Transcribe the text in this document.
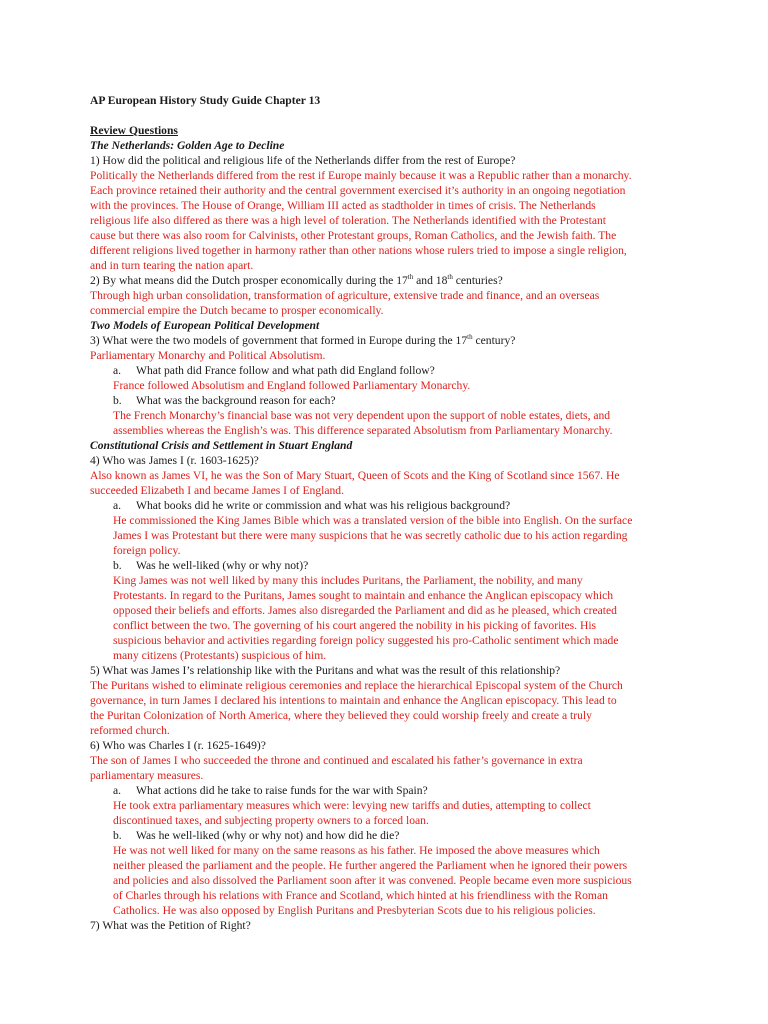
AP European History Study Guide Chapter 13
Review Questions
The Netherlands: Golden Age to Decline
1) How did the political and religious life of the Netherlands differ from the rest of Europe?
Politically the Netherlands differed from the rest if Europe mainly because it was a Republic rather than a monarchy.
Each province retained their authority and the central government exercised it’s authority in an ongoing negotiation
with the provinces. The House of Orange, William III acted as stadtholder in times of crisis. The Netherlands
religious life also differed as there was a high level of toleration. The Netherlands identified with the Protestant
cause but there was also room for Calvinists, other Protestant groups, Roman Catholics, and the Jewish faith. The
different religions lived together in harmony rather than other nations whose rulers tried to impose a single religion,
and in turn tearing the nation apart.
2) By what means did the Dutch prosper economically during the 17th and 18th centuries?
Through high urban consolidation, transformation of agriculture, extensive trade and finance, and an overseas
commercial empire the Dutch became to prosper economically.
Two Models of European Political Development
3) What were the two models of government that formed in Europe during the 17th century?
Parliamentary Monarchy and Political Absolutism.
a. What path did France follow and what path did England follow?
France followed Absolutism and England followed Parliamentary Monarchy.
b. What was the background reason for each?
The French Monarchy’s financial base was not very dependent upon the support of noble estates, diets, and
assemblies whereas the English’s was. This difference separated Absolutism from Parliamentary Monarchy.
Constitutional Crisis and Settlement in Stuart England
4) Who was James I (r. 1603-1625)?
Also known as James VI, he was the Son of Mary Stuart, Queen of Scots and the King of Scotland since 1567. He
succeeded Elizabeth I and became James I of England.
a. What books did he write or commission and what was his religious background?
He commissioned the King James Bible which was a translated version of the bible into English. On the surface
James I was Protestant but there were many suspicions that he was secretly catholic due to his action regarding
foreign policy.
b. Was he well-liked (why or why not)?
King James was not well liked by many this includes Puritans, the Parliament, the nobility, and many
Protestants. In regard to the Puritans, James sought to maintain and enhance the Anglican episcopacy which
opposed their beliefs and efforts. James also disregarded the Parliament and did as he pleased, which created
conflict between the two. The governing of his court angered the nobility in his picking of favorites. His
suspicious behavior and activities regarding foreign policy suggested his pro-Catholic sentiment which made
many citizens (Protestants) suspicious of him.
5) What was James I’s relationship like with the Puritans and what was the result of this relationship?
The Puritans wished to eliminate religious ceremonies and replace the hierarchical Episcopal system of the Church
governance, in turn James I declared his intentions to maintain and enhance the Anglican episcopacy. This lead to
the Puritan Colonization of North America, where they believed they could worship freely and create a truly
reformed church.
6) Who was Charles I (r. 1625-1649)?
The son of James I who succeeded the throne and continued and escalated his father’s governance in extra
parliamentary measures.
a. What actions did he take to raise funds for the war with Spain?
He took extra parliamentary measures which were: levying new tariffs and duties, attempting to collect
discontinued taxes, and subjecting property owners to a forced loan.
b. Was he well-liked (why or why not) and how did he die?
He was not well liked for many on the same reasons as his father. He imposed the above measures which
neither pleased the parliament and the people. He further angered the Parliament when he ignored their powers
and policies and also dissolved the Parliament soon after it was convened. People became even more suspicious
of Charles through his relations with France and Scotland, which hinted at his friendliness with the Roman
Catholics. He was also opposed by English Puritans and Presbyterian Scots due to his religious policies.
7) What was the Petition of Right?
